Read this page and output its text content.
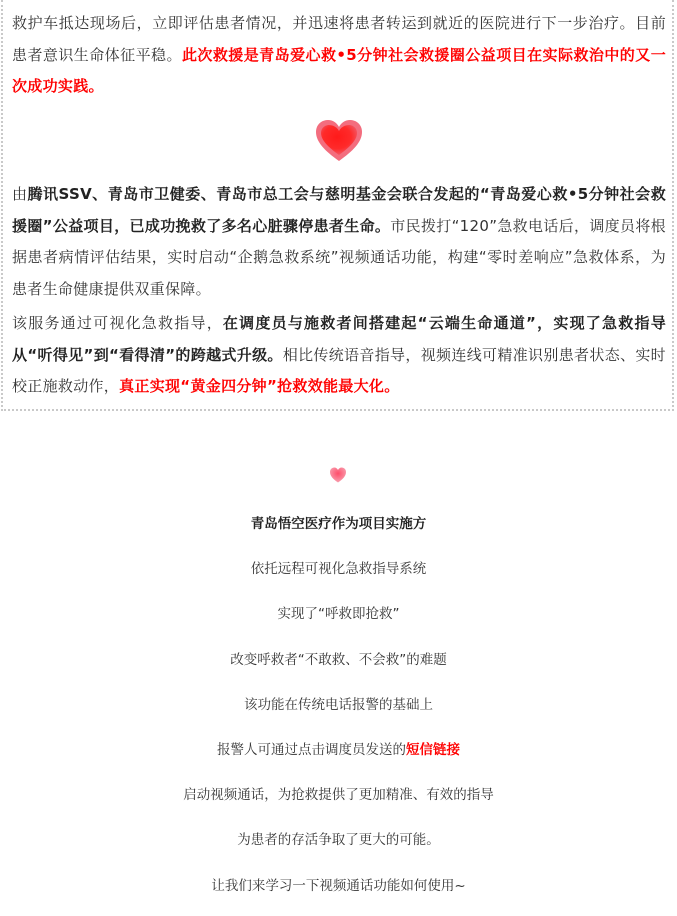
救护车抵达现场后，立即评估患者情况，并迅速将患者转运到就近的医院进行下一步治疗。目前患者意识生命体征平稳。此次救援是青岛爱心救•5分钟社会救援圈公益项目在实际救治中的又一次成功实践。

由腾讯SSV、青岛市卫健委、青岛市总工会与慈明基金会联合发起的“青岛爱心救•5分钟社会救援圈”公益项目，已成功挽救了多名心脏骤停患者生命。市民拨打“120”急救电话后，调度员将根据患者病情评估结果，实时启动“企鹅急救系统”视频通话功能，构建“零时差响应”急救体系，为患者生命健康提供双重保障。

该服务通过可视化急救指导，在调度员与施救者间搭建起“云端生命通道”，实现了急救指导从“听得见”到“看得清”的跨越式升级。相比传统语音指导，视频连线可精准识别患者状态、实时校正施救动作，真正实现“黄金四分钟”抢救效能最大化。

青岛悟空医疗作为项目实施方

依托远程可视化急救指导系统

实现了“呼救即抢救”

改变呼救者“不敢救、不会救”的难题

该功能在传统电话报警的基础上

报警人可通过点击调度员发送的短信链接

启动视频通话，为抢救提供了更加精准、有效的指导

为患者的存活争取了更大的可能。

让我们来学习一下视频通话功能如何使用~
